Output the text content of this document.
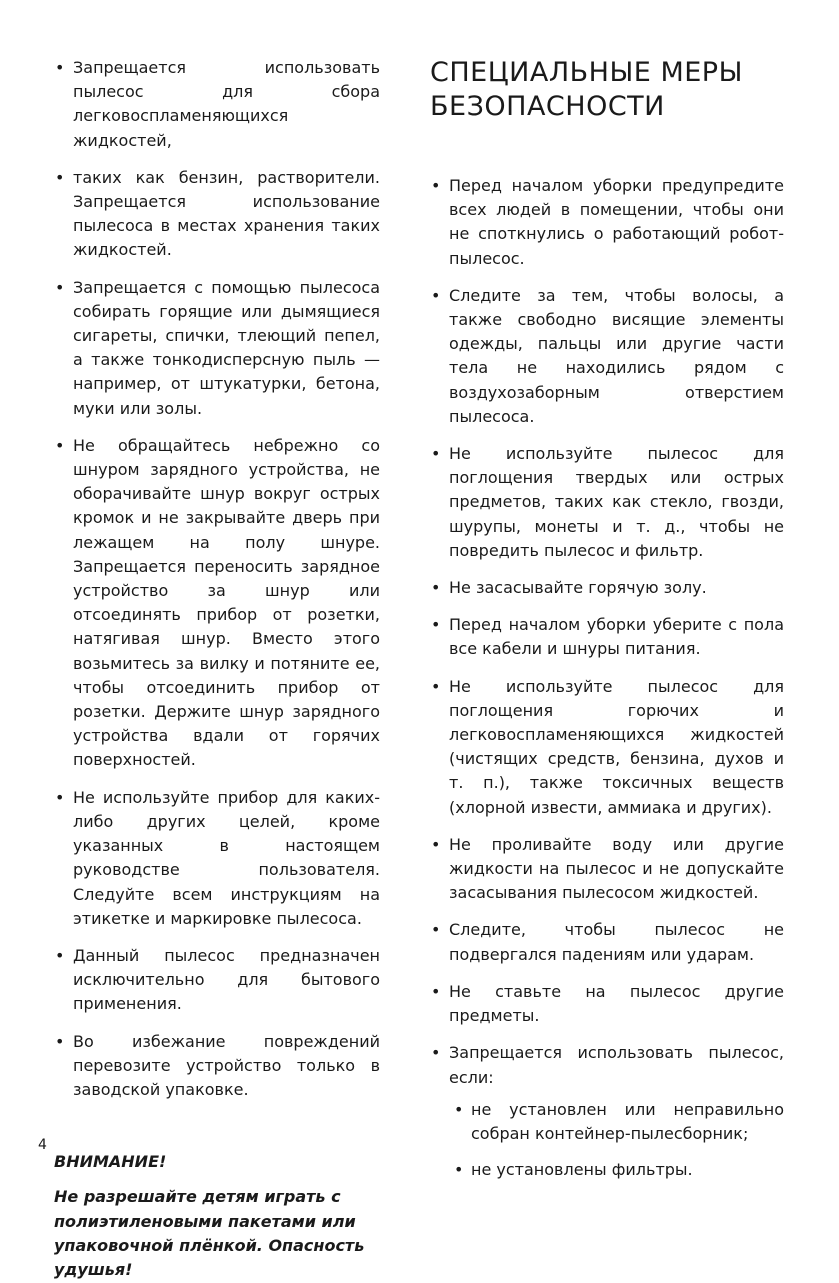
• Запрещается использовать пылесос для сбора легковоспламеняющихся жидкостей,
• таких как бензин, растворители. Запрещается использование пылесоса в местах хранения таких жидкостей.
• Запрещается с помощью пылесоса собирать горящие или дымящиеся сигареты, спички, тлеющий пепел, а также тонкодисперсную пыль — например, от штукатурки, бетона, муки или золы.
• Не обращайтесь небрежно со шнуром зарядного устройства, не оборачивайте шнур вокруг острых кромок и не закрывайте дверь при лежащем на полу шнуре. Запрещается переносить зарядное устройство за шнур или отсоединять прибор от розетки, натягивая шнур. Вместо этого возьмитесь за вилку и потяните ее, чтобы отсоединить прибор от розетки. Держите шнур зарядного устройства вдали от горячих поверхностей.
• Не используйте прибор для каких-либо других целей, кроме указанных в настоящем руководстве пользователя. Следуйте всем инструкциям на этикетке и маркировке пылесоса.
• Данный пылесос предназначен исключительно для бытового применения.
• Во избежание повреждений перевозите устройство только в заводской упаковке.
ВНИМАНИЕ!

Не разрешайте детям играть с полиэтиленовыми пакетами или упаковочной плёнкой. Опасность удушья!

СПЕЦИАЛЬНЫЕ МЕРЫ БЕЗОПАСНОСТИ
• Перед началом уборки предупредите всех людей в помещении, чтобы они не споткнулись о работающий робот-пылесос.
• Следите за тем, чтобы волосы, а также свободно висящие элементы одежды, пальцы или другие части тела не находились рядом с воздухозаборным отверстием пылесоса.
• Не используйте пылесос для поглощения твердых или острых предметов, таких как стекло, гвозди, шурупы, монеты и т. д., чтобы не повредить пылесос и фильтр.
• Не засасывайте горячую золу.
• Перед началом уборки уберите с пола все кабели и шнуры питания.
• Не используйте пылесос для поглощения горючих и легковоспламеняющихся жидкостей (чистящих средств, бензина, духов и т. п.), также токсичных веществ (хлорной извести, аммиака и других).
• Не проливайте воду или другие жидкости на пылесос и не допускайте засасывания пылесосом жидкостей.
• Следите, чтобы пылесос не подвергался падениям или ударам.
• Не ставьте на пылесос другие предметы.
• Запрещается использовать пылесос, если:
• не установлен или неправильно собран контейнер-пылесборник;
• не установлены фильтры.
4
